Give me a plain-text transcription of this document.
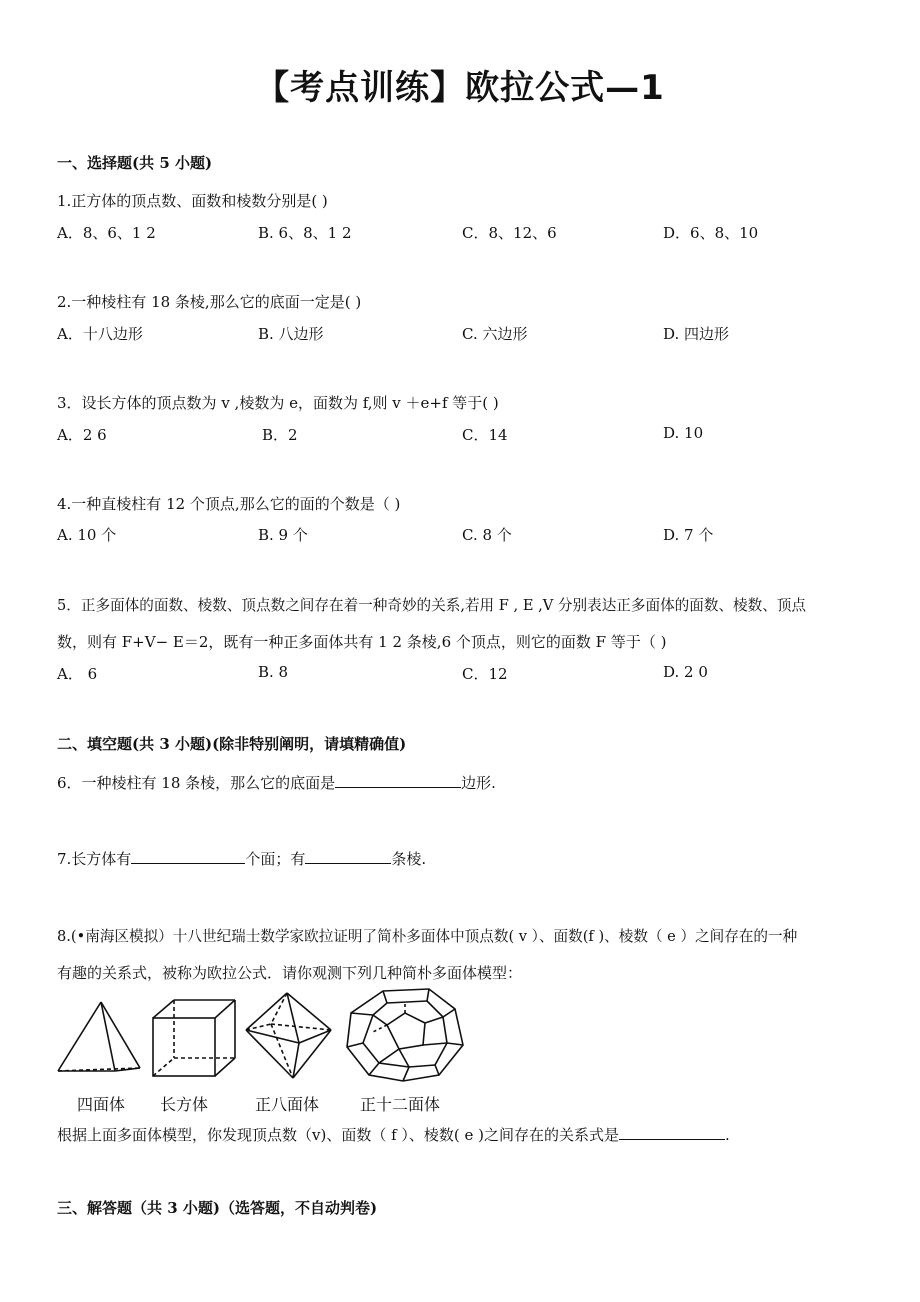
【考点训练】欧拉公式—1
一、选择题(共 5 小题)
1.正方体的顶点数、面数和棱数分别是( )
A．8、6、1 2	B. 6、8、1 2	C．8、12、6	D．6、8、10
2.一种棱柱有 18 条棱,那么它的底面一定是( )
A．十八边形	B. 八边形	C. 六边形	D. 四边形
3．设长方体的顶点数为 v ,棱数为 e，面数为 f,则 v ＋e+f 等于( )
A．2 6	B．2	C．14	D. 10
4.一种直棱柱有 12 个顶点,那么它的面的个数是（ )
A. 10 个	B. 9 个	C. 8 个	D. 7 个
5．正多面体的面数、棱数、顶点数之间存在着一种奇妙的关系,若用 F , E ,V 分别表达正多面体的面数、棱数、顶点
数，则有 F+V− E＝2，既有一种正多面体共有 1 2 条棱,6 个顶点，则它的面数 F 等于（ )
A． 6	B. 8	C．12	D. 2 0
二、填空题(共 3 小题)(除非特别阐明，请填精确值)
6．一种棱柱有 18 条棱，那么它的底面是	边形.
7.长方体有	个面；有	条棱.
8.(•南海区模拟）十八世纪瑞士数学家欧拉证明了简朴多面体中顶点数( v ）、面数(f )、棱数（ e ）之间存在的一种
有趣的关系式，被称为欧拉公式．请你观测下列几种简朴多面体模型：
四面体 长方体	正八面体	正十二面体
根据上面多面体模型，你发现顶点数（v)、面数（ f ）、棱数( e )之间存在的关系式是	.
三、解答题（共 3 小题)（选答题，不自动判卷)
